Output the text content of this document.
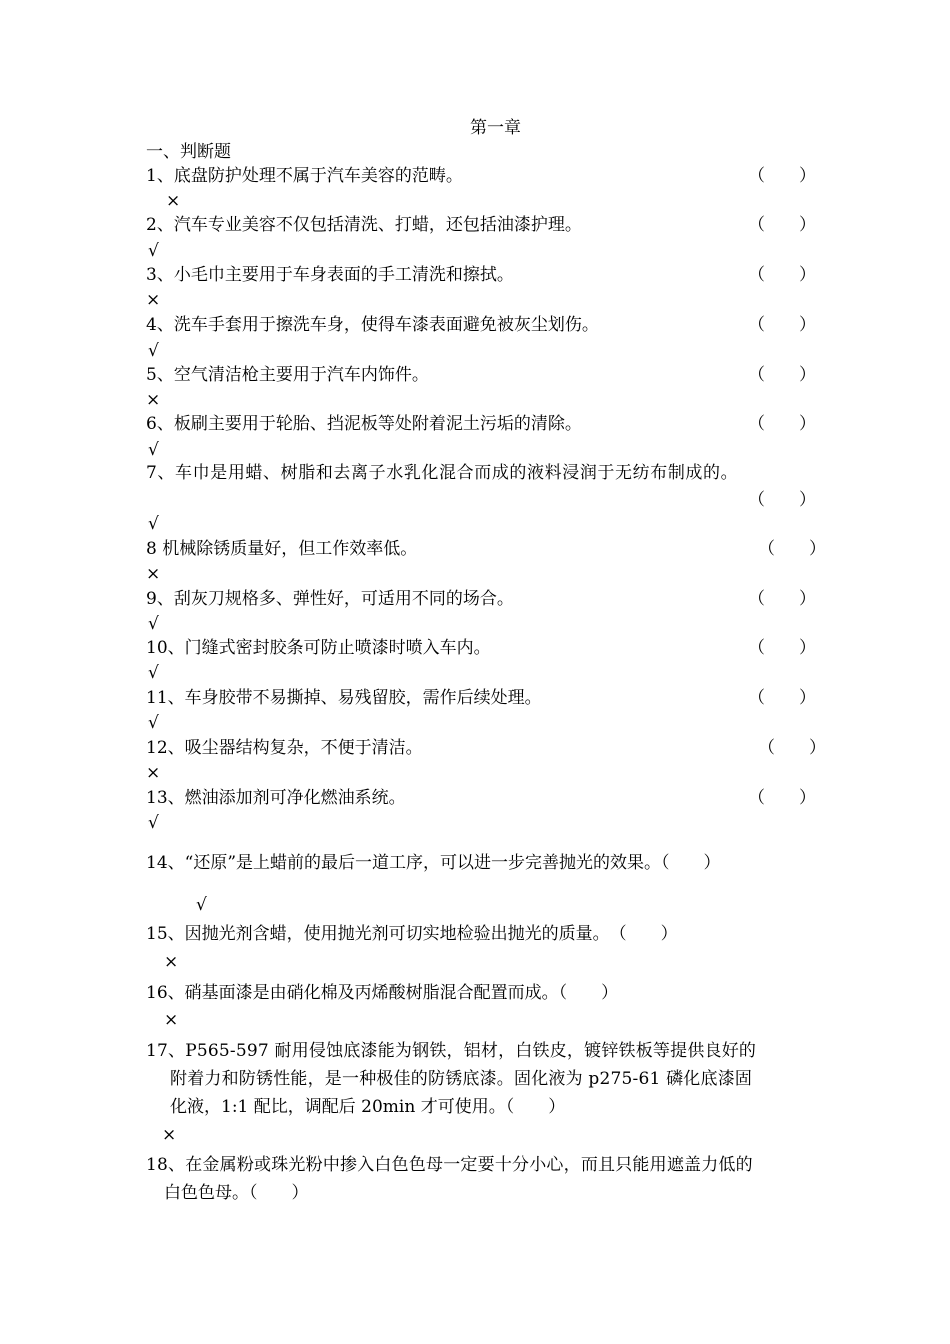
第一章
一、判断题
1、底盘防护处理不属于汽车美容的范畴。	（　　）
×
2、汽车专业美容不仅包括清洗、打蜡，还包括油漆护理。	（　　）
√
3、小毛巾主要用于车身表面的手工清洗和擦拭。	（　　）
×
4、洗车手套用于擦洗车身，使得车漆表面避免被灰尘划伤。	（　　）
√
5、空气清洁枪主要用于汽车内饰件。	（　　）
×
6、板刷主要用于轮胎、挡泥板等处附着泥土污垢的清除。	（　　）
√
7、车巾是用蜡、树脂和去离子水乳化混合而成的液料浸润于无纺布制成的。
（　　）
√
8 机械除锈质量好，但工作效率低。	（　　）
×
9、刮灰刀规格多、弹性好，可适用不同的场合。	（　　）
√
10、门缝式密封胶条可防止喷漆时喷入车内。	（　　）
√
11、车身胶带不易撕掉、易残留胶，需作后续处理。	（　　）
√
12、吸尘器结构复杂，不便于清洁。	（　　）
×
13、燃油添加剂可净化燃油系统。	（　　）
√
14、“还原”是上蜡前的最后一道工序，可以进一步完善抛光的效果。（　　）
√
15、因抛光剂含蜡，使用抛光剂可切实地检验出抛光的质量。　（　　）
×
16、硝基面漆是由硝化棉及丙烯酸树脂混合配置而成。（　　）
×
17、P565-597 耐用侵蚀底漆能为钢铁，铝材，白铁皮，镀锌铁板等提供良好的
附着力和防锈性能，是一种极佳的防锈底漆。固化液为 p275-61 磷化底漆固
化液，1:1 配比，调配后 20min 才可使用。（　　）
×
18、在金属粉或珠光粉中掺入白色色母一定要十分小心，而且只能用遮盖力低的
白色色母。（　　）
